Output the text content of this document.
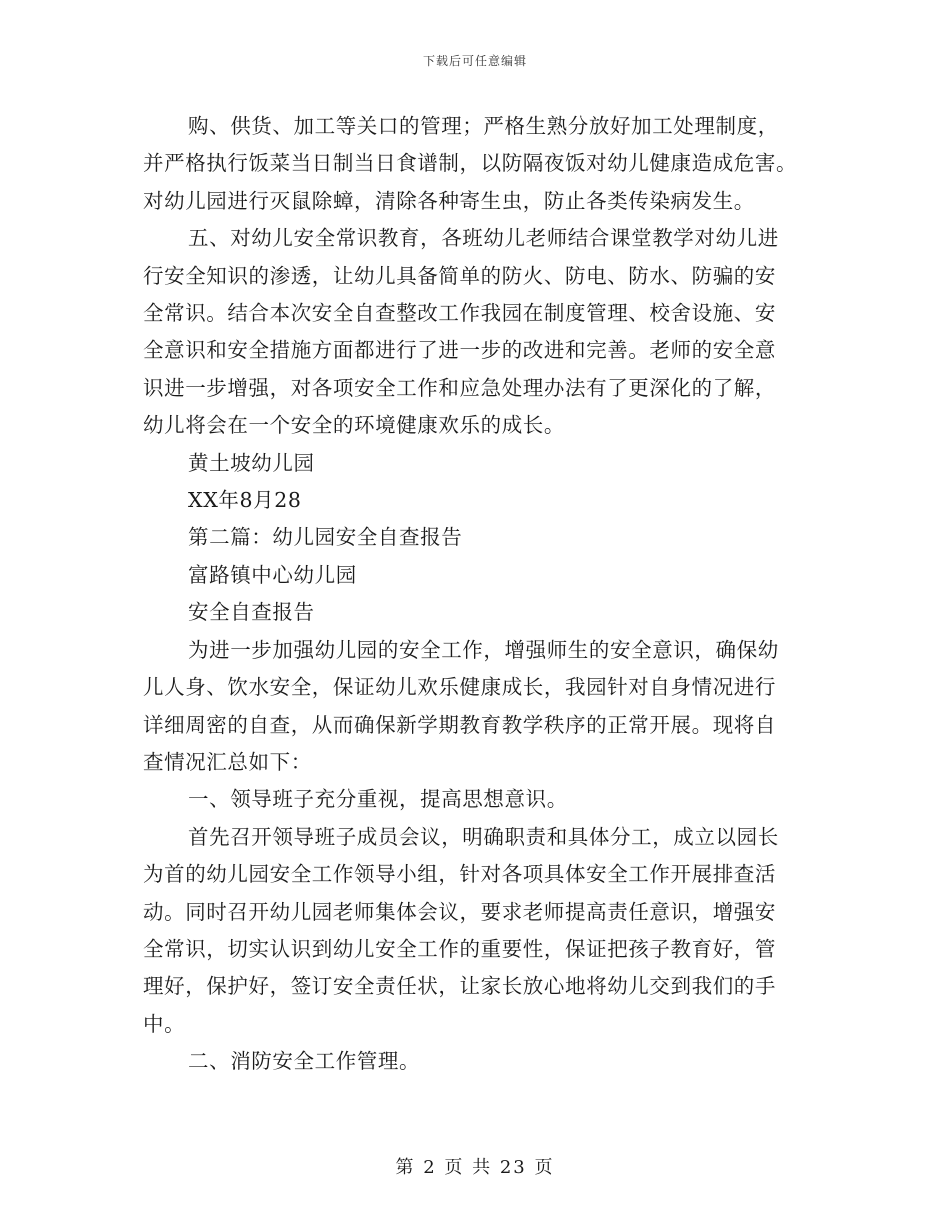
下载后可任意编辑
购、供货、加工等关口的管理；严格生熟分放好加工处理制度，
并严格执行饭菜当日制当日食谱制，以防隔夜饭对幼儿健康造成危害。
对幼儿园进行灭鼠除蟑，清除各种寄生虫，防止各类传染病发生。
五、对幼儿安全常识教育，各班幼儿老师结合课堂教学对幼儿进
行安全知识的渗透，让幼儿具备简单的防火、防电、防水、防骗的安
全常识。结合本次安全自查整改工作我园在制度管理、校舍设施、安
全意识和安全措施方面都进行了进一步的改进和完善。老师的安全意
识进一步增强，对各项安全工作和应急处理办法有了更深化的了解，
幼儿将会在一个安全的环境健康欢乐的成长。
黄土坡幼儿园
XX年8月28
第二篇：幼儿园安全自查报告
富路镇中心幼儿园
安全自查报告
为进一步加强幼儿园的安全工作，增强师生的安全意识，确保幼
儿人身、饮水安全，保证幼儿欢乐健康成长，我园针对自身情况进行
详细周密的自查，从而确保新学期教育教学秩序的正常开展。现将自
查情况汇总如下：
一、领导班子充分重视，提高思想意识。
首先召开领导班子成员会议，明确职责和具体分工，成立以园长
为首的幼儿园安全工作领导小组，针对各项具体安全工作开展排查活
动。同时召开幼儿园老师集体会议，要求老师提高责任意识，增强安
全常识，切实认识到幼儿安全工作的重要性，保证把孩子教育好，管
理好，保护好，签订安全责任状，让家长放心地将幼儿交到我们的手
中。
二、消防安全工作管理。
第 2 页 共 23 页
